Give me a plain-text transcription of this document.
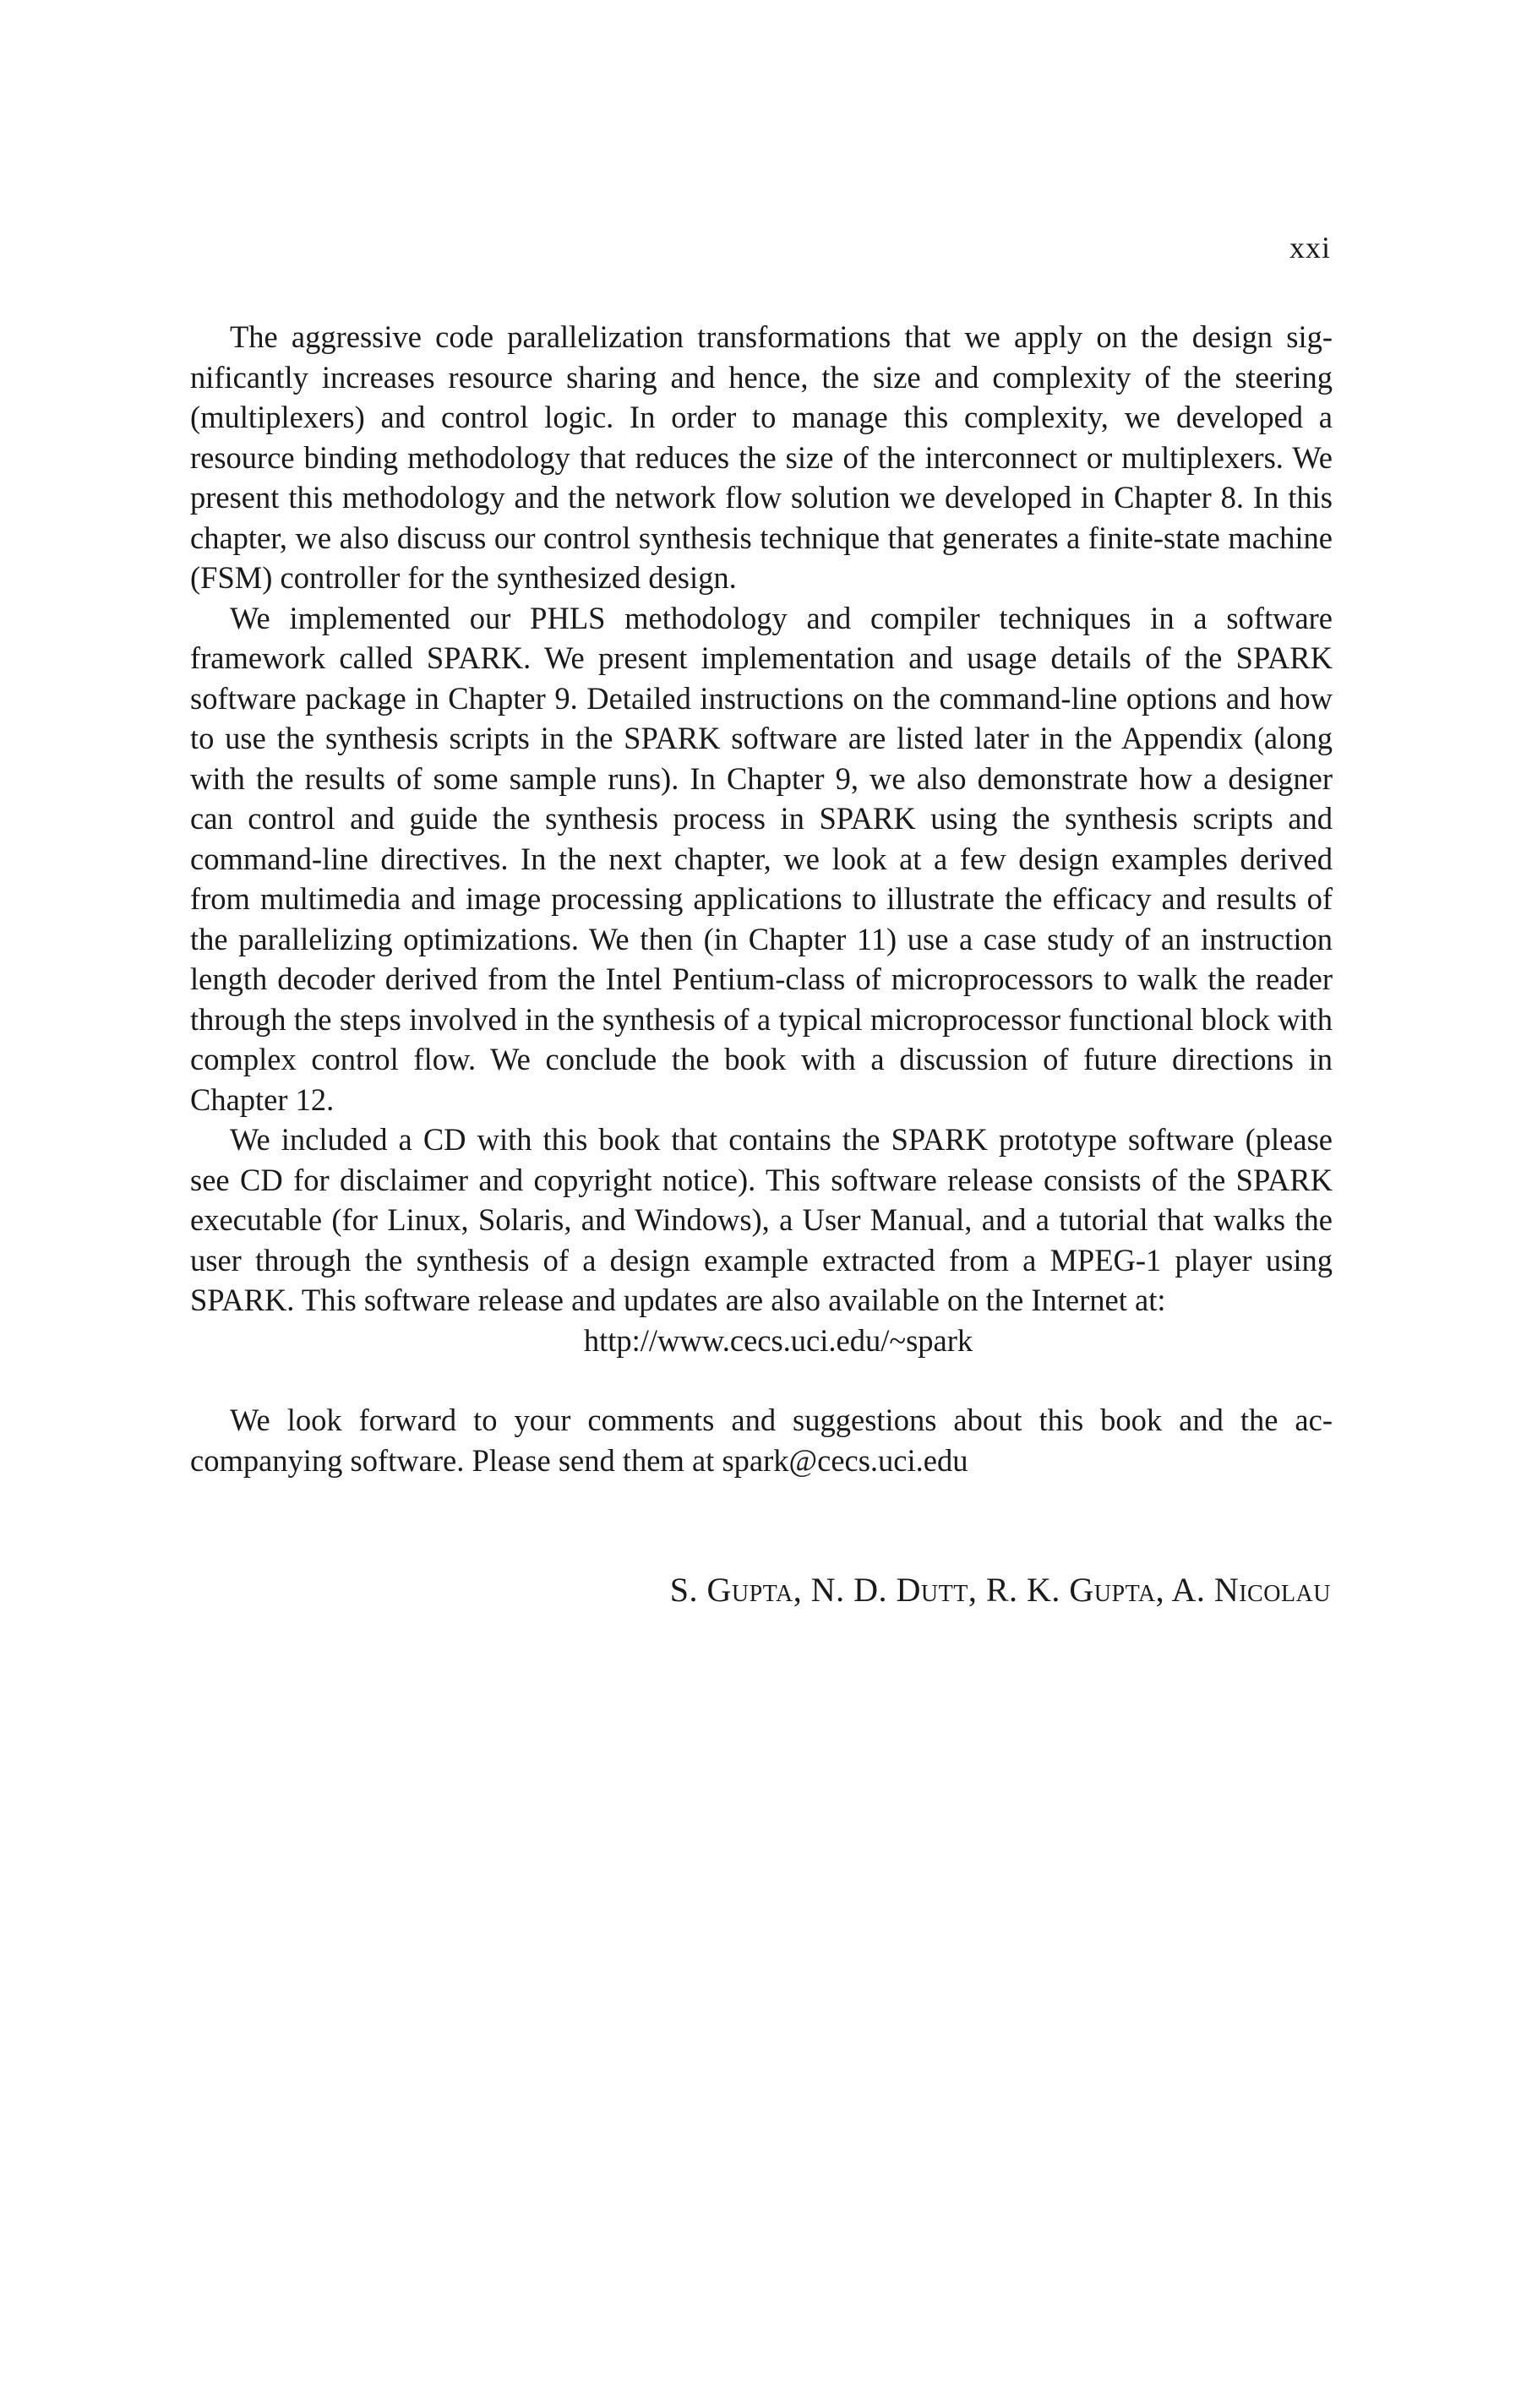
xxi

The aggressive code parallelization transformations that we apply on the design significantly increases resource sharing and hence, the size and complexity of the steering (multiplexers) and control logic. In order to manage this complexity, we developed a resource binding methodology that reduces the size of the interconnect or multiplexers. We present this methodology and the network flow solution we developed in Chapter 8. In this chapter, we also discuss our control synthesis technique that generates a finite-state machine (FSM) controller for the synthesized design.

We implemented our PHLS methodology and compiler techniques in a software framework called SPARK. We present implementation and usage details of the SPARK software package in Chapter 9. Detailed instructions on the command-line options and how to use the synthesis scripts in the SPARK software are listed later in the Appendix (along with the results of some sample runs). In Chapter 9, we also demonstrate how a designer can control and guide the synthesis process in SPARK using the synthesis scripts and command-line directives. In the next chapter, we look at a few design examples derived from multimedia and image processing applications to illustrate the efficacy and results of the parallelizing optimizations. We then (in Chapter 11) use a case study of an instruction length decoder derived from the Intel Pentium-class of microprocessors to walk the reader through the steps involved in the synthesis of a typical microprocessor functional block with complex control flow. We conclude the book with a discussion of future directions in Chapter 12.

We included a CD with this book that contains the SPARK prototype software (please see CD for disclaimer and copyright notice). This software release consists of the SPARK executable (for Linux, Solaris, and Windows), a User Manual, and a tutorial that walks the user through the synthesis of a design example extracted from a MPEG-1 player using SPARK. This software release and updates are also available on the Internet at:

http://www.cecs.uci.edu/~spark

We look forward to your comments and suggestions about this book and the accompanying software. Please send them at spark@cecs.uci.edu

S. Gupta, N. D. Dutt, R. K. Gupta, A. Nicolau
